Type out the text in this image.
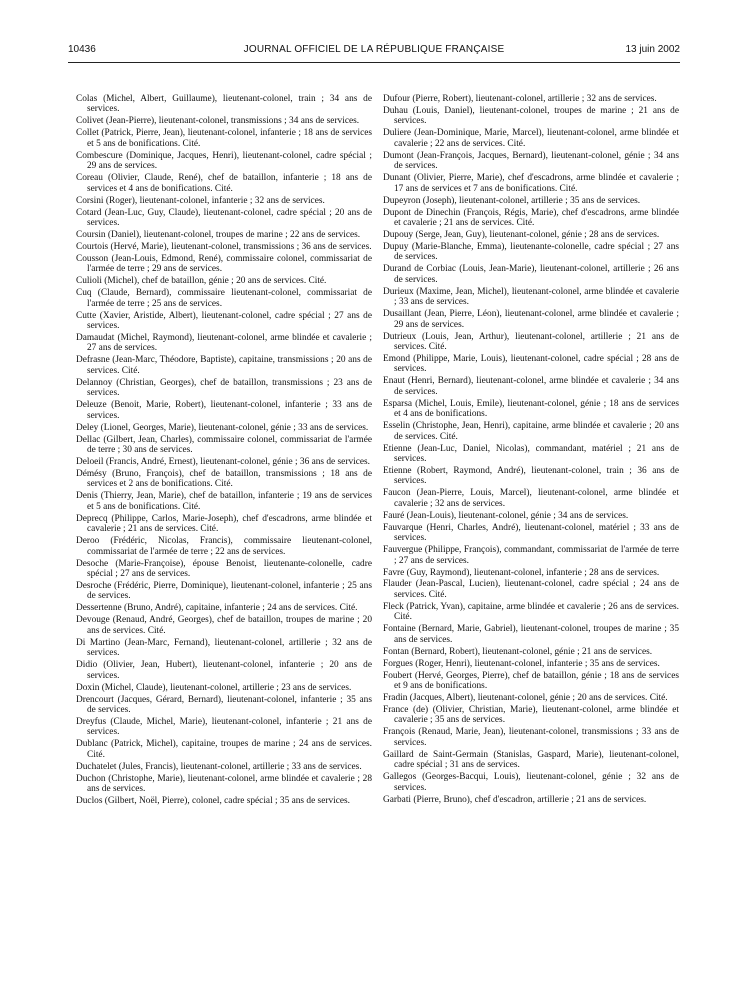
10436	JOURNAL OFFICIEL DE LA RÉPUBLIQUE FRANÇAISE	13 juin 2002

Colas (Michel, Albert, Guillaume), lieutenant-colonel, train ; 34 ans de services.

Colivet (Jean-Pierre), lieutenant-colonel, transmissions ; 34 ans de services.

Collet (Patrick, Pierre, Jean), lieutenant-colonel, infanterie ; 18 ans de services et 5 ans de bonifications. Cité.

Combescure (Dominique, Jacques, Henri), lieutenant-colonel, cadre spécial ; 29 ans de services.

Coreau (Olivier, Claude, René), chef de bataillon, infanterie ; 18 ans de services et 4 ans de bonifications. Cité.

Corsini (Roger), lieutenant-colonel, infanterie ; 32 ans de services.

Cotard (Jean-Luc, Guy, Claude), lieutenant-colonel, cadre spécial ; 20 ans de services.

Coursin (Daniel), lieutenant-colonel, troupes de marine ; 22 ans de services.

Courtois (Hervé, Marie), lieutenant-colonel, transmissions ; 36 ans de services.

Cousson (Jean-Louis, Edmond, René), commissaire colonel, commissariat de l'armée de terre ; 29 ans de services.

Culioli (Michel), chef de bataillon, génie ; 20 ans de services. Cité.

Cuq (Claude, Bernard), commissaire lieutenant-colonel, commissariat de l'armée de terre ; 25 ans de services.

Cutte (Xavier, Aristide, Albert), lieutenant-colonel, cadre spécial ; 27 ans de services.

Damaudat (Michel, Raymond), lieutenant-colonel, arme blindée et cavalerie ; 27 ans de services.

Defrasne (Jean-Marc, Théodore, Baptiste), capitaine, transmissions ; 20 ans de services. Cité.

Delannoy (Christian, Georges), chef de bataillon, transmissions ; 23 ans de services.

Deleuze (Benoit, Marie, Robert), lieutenant-colonel, infanterie ; 33 ans de services.

Deley (Lionel, Georges, Marie), lieutenant-colonel, génie ; 33 ans de services.

Dellac (Gilbert, Jean, Charles), commissaire colonel, commissariat de l'armée de terre ; 30 ans de services.

Deloeil (Francis, André, Ernest), lieutenant-colonel, génie ; 36 ans de services.

Démésy (Bruno, François), chef de bataillon, transmissions ; 18 ans de services et 2 ans de bonifications. Cité.

Denis (Thierry, Jean, Marie), chef de bataillon, infanterie ; 19 ans de services et 5 ans de bonifications. Cité.

Deprecq (Philippe, Carlos, Marie-Joseph), chef d'escadrons, arme blindée et cavalerie ; 21 ans de services. Cité.

Deroo (Frédéric, Nicolas, Francis), commissaire lieutenant-colonel, commissariat de l'armée de terre ; 22 ans de services.

Desoche (Marie-Françoise), épouse Benoist, lieutenante-colonelle, cadre spécial ; 27 ans de services.

Desroche (Frédéric, Pierre, Dominique), lieutenant-colonel, infanterie ; 25 ans de services.

Dessertenne (Bruno, André), capitaine, infanterie ; 24 ans de services. Cité.

Devouge (Renaud, André, Georges), chef de bataillon, troupes de marine ; 20 ans de services. Cité.

Di Martino (Jean-Marc, Fernand), lieutenant-colonel, artillerie ; 32 ans de services.

Didio (Olivier, Jean, Hubert), lieutenant-colonel, infanterie ; 20 ans de services.

Doxin (Michel, Claude), lieutenant-colonel, artillerie ; 23 ans de services.

Drencourt (Jacques, Gérard, Bernard), lieutenant-colonel, infanterie ; 35 ans de services.

Dreyfus (Claude, Michel, Marie), lieutenant-colonel, infanterie ; 21 ans de services.

Dublanc (Patrick, Michel), capitaine, troupes de marine ; 24 ans de services. Cité.

Duchatelet (Jules, Francis), lieutenant-colonel, artillerie ; 33 ans de services.

Duchon (Christophe, Marie), lieutenant-colonel, arme blindée et cavalerie ; 28 ans de services.

Duclos (Gilbert, Noël, Pierre), colonel, cadre spécial ; 35 ans de services.

Dufour (Pierre, Robert), lieutenant-colonel, artillerie ; 32 ans de services.

Duhau (Louis, Daniel), lieutenant-colonel, troupes de marine ; 21 ans de services.

Duliere (Jean-Dominique, Marie, Marcel), lieutenant-colonel, arme blindée et cavalerie ; 22 ans de services. Cité.

Dumont (Jean-François, Jacques, Bernard), lieutenant-colonel, génie ; 34 ans de services.

Dunant (Olivier, Pierre, Marie), chef d'escadrons, arme blindée et cavalerie ; 17 ans de services et 7 ans de bonifications. Cité.

Dupeyron (Joseph), lieutenant-colonel, artillerie ; 35 ans de services.

Dupont de Dinechin (François, Régis, Marie), chef d'escadrons, arme blindée et cavalerie ; 21 ans de services. Cité.

Dupouy (Serge, Jean, Guy), lieutenant-colonel, génie ; 28 ans de services.

Dupuy (Marie-Blanche, Emma), lieutenante-colonelle, cadre spécial ; 27 ans de services.

Durand de Corbiac (Louis, Jean-Marie), lieutenant-colonel, artillerie ; 26 ans de services.

Durieux (Maxime, Jean, Michel), lieutenant-colonel, arme blindée et cavalerie ; 33 ans de services.

Dusaillant (Jean, Pierre, Léon), lieutenant-colonel, arme blindée et cavalerie ; 29 ans de services.

Dutrieux (Louis, Jean, Arthur), lieutenant-colonel, artillerie ; 21 ans de services. Cité.

Emond (Philippe, Marie, Louis), lieutenant-colonel, cadre spécial ; 28 ans de services.

Enaut (Henri, Bernard), lieutenant-colonel, arme blindée et cavalerie ; 34 ans de services.

Esparsa (Michel, Louis, Emile), lieutenant-colonel, génie ; 18 ans de services et 4 ans de bonifications.

Esselin (Christophe, Jean, Henri), capitaine, arme blindée et cavalerie ; 20 ans de services. Cité.

Etienne (Jean-Luc, Daniel, Nicolas), commandant, matériel ; 21 ans de services.

Etienne (Robert, Raymond, André), lieutenant-colonel, train ; 36 ans de services.

Faucon (Jean-Pierre, Louis, Marcel), lieutenant-colonel, arme blindée et cavalerie ; 32 ans de services.

Fauré (Jean-Louis), lieutenant-colonel, génie ; 34 ans de services.

Fauvarque (Henri, Charles, André), lieutenant-colonel, matériel ; 33 ans de services.

Fauvergue (Philippe, François), commandant, commissariat de l'armée de terre ; 27 ans de services.

Favre (Guy, Raymond), lieutenant-colonel, infanterie ; 28 ans de services.

Flauder (Jean-Pascal, Lucien), lieutenant-colonel, cadre spécial ; 24 ans de services. Cité.

Fleck (Patrick, Yvan), capitaine, arme blindée et cavalerie ; 26 ans de services. Cité.

Fontaine (Bernard, Marie, Gabriel), lieutenant-colonel, troupes de marine ; 35 ans de services.

Fontan (Bernard, Robert), lieutenant-colonel, génie ; 21 ans de services.

Forgues (Roger, Henri), lieutenant-colonel, infanterie ; 35 ans de services.

Foubert (Hervé, Georges, Pierre), chef de bataillon, génie ; 18 ans de services et 9 ans de bonifications.

Fradin (Jacques, Albert), lieutenant-colonel, génie ; 20 ans de services. Cité.

France (de) (Olivier, Christian, Marie), lieutenant-colonel, arme blindée et cavalerie ; 35 ans de services.

François (Renaud, Marie, Jean), lieutenant-colonel, transmissions ; 33 ans de services.

Gaillard de Saint-Germain (Stanislas, Gaspard, Marie), lieutenant-colonel, cadre spécial ; 31 ans de services.

Gallegos (Georges-Bacqui, Louis), lieutenant-colonel, génie ; 32 ans de services.

Garbati (Pierre, Bruno), chef d'escadron, artillerie ; 21 ans de services.
